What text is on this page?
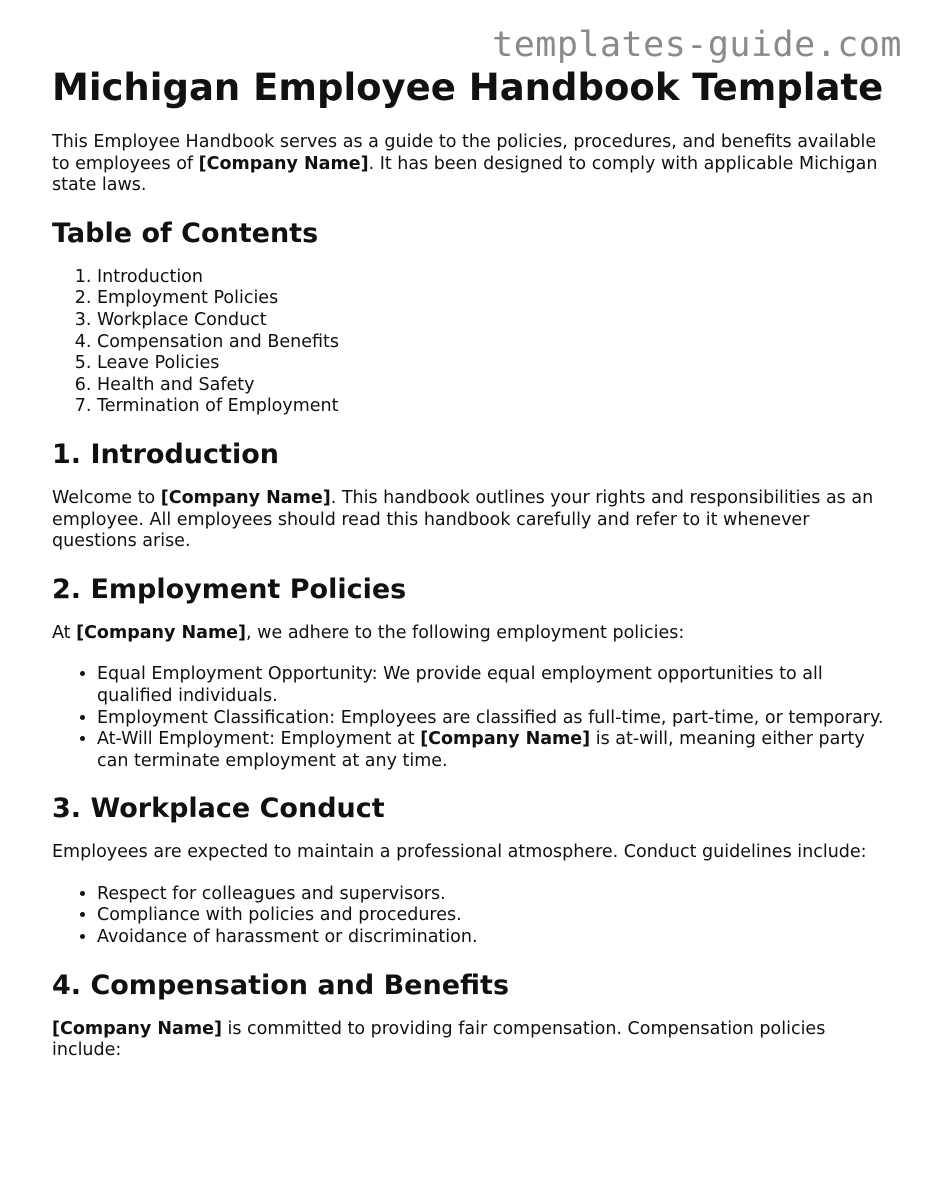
templates-guide.com
Michigan Employee Handbook Template

This Employee Handbook serves as a guide to the policies, procedures, and benefits available to employees of [Company Name]. It has been designed to comply with applicable Michigan state laws.

Table of Contents
1. Introduction
2. Employment Policies
3. Workplace Conduct
4. Compensation and Benefits
5. Leave Policies
6. Health and Safety
7. Termination of Employment
1. Introduction

Welcome to [Company Name]. This handbook outlines your rights and responsibilities as an employee. All employees should read this handbook carefully and refer to it whenever questions arise.

2. Employment Policies

At [Company Name], we adhere to the following employment policies:

• Equal Employment Opportunity: We provide equal employment opportunities to all qualified individuals.
• Employment Classification: Employees are classified as full-time, part-time, or temporary.
• At-Will Employment: Employment at [Company Name] is at-will, meaning either party can terminate employment at any time.
3. Workplace Conduct

Employees are expected to maintain a professional atmosphere. Conduct guidelines include:

• Respect for colleagues and supervisors.
• Compliance with policies and procedures.
• Avoidance of harassment or discrimination.
4. Compensation and Benefits

[Company Name] is committed to providing fair compensation. Compensation policies include:
